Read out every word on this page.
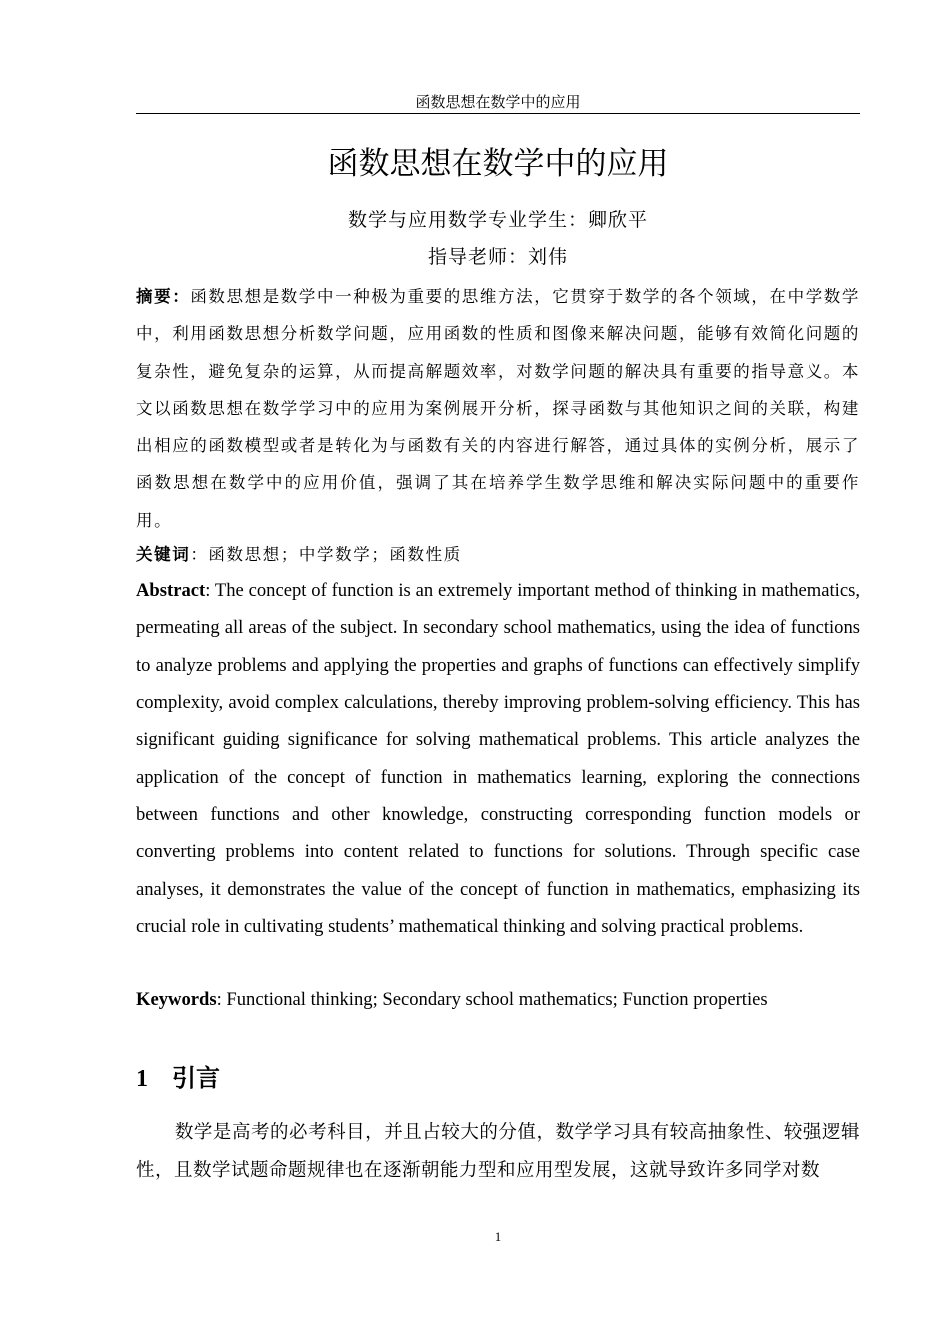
函数思想在数学中的应用
函数思想在数学中的应用
数学与应用数学专业学生：卿欣平
指导老师：刘伟

摘要：函数思想是数学中一种极为重要的思维方法，它贯穿于数学的各个领域，在中学数学中，利用函数思想分析数学问题，应用函数的性质和图像来解决问题，能够有效简化问题的复杂性，避免复杂的运算，从而提高解题效率，对数学问题的解决具有重要的指导意义。本文以函数思想在数学学习中的应用为案例展开分析，探寻函数与其他知识之间的关联，构建出相应的函数模型或者是转化为与函数有关的内容进行解答，通过具体的实例分析，展示了函数思想在数学中的应用价值，强调了其在培养学生数学思维和解决实际问题中的重要作用。

关键词：函数思想；中学数学；函数性质

Abstract: The concept of function is an extremely important method of thinking in mathematics, permeating all areas of the subject. In secondary school mathematics, using the idea of functions to analyze problems and applying the properties and graphs of functions can effectively simplify complexity, avoid complex calculations, thereby improving problem-solving efficiency. This has significant guiding significance for solving mathematical problems. This article analyzes the application of the concept of function in mathematics learning, exploring the connections between functions and other knowledge, constructing corresponding function models or converting problems into content related to functions for solutions. Through specific case analyses, it demonstrates the value of the concept of function in mathematics, emphasizing its crucial role in cultivating students’ mathematical thinking and solving practical problems.

Keywords: Functional thinking; Secondary school mathematics; Function properties

1 引言

数学是高考的必考科目，并且占较大的分值，数学学习具有较高抽象性、较强逻辑性，且数学试题命题规律也在逐渐朝能力型和应用型发展，这就导致许多同学对数

1
